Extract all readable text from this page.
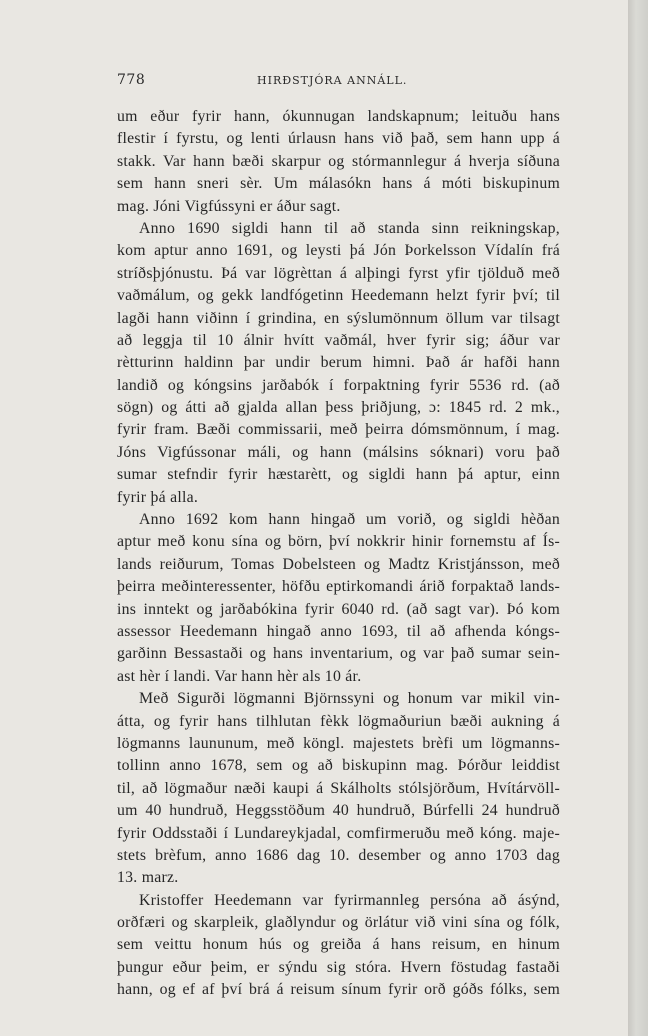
778	HIRÐSTJÓRA ANNÁLL.
um eður fyrir hann, ókunnugan landskapnum; leituðu hans
flestir í fyrstu, og lenti úrlausn hans við það, sem hann upp á
stakk. Var hann bæði skarpur og stórmannlegur á hverja síðuna
sem hann sneri sèr. Um málasókn hans á móti biskupinum
mag. Jóni Vigfússyni er áður sagt.
Anno 1690 sigldi hann til að standa sinn reikningskap,
kom aptur anno 1691, og leysti þá Jón Þorkelsson Vídalín frá
stríðsþjónustu. Þá var lögrèttan á alþingi fyrst yfir tjölduð með
vaðmálum, og gekk landfógetinn Heedemann helzt fyrir því; til
lagði hann viðinn í grindina, en sýslumönnum öllum var tilsagt
að leggja til 10 álnir hvítt vaðmál, hver fyrir sig; áður var
rètturinn haldinn þar undir berum himni. Það ár hafði hann
landið og kóngsins jarðabók í forpaktning fyrir 5536 rd. (að
sögn) og átti að gjalda allan þess þriðjung, ɔ: 1845 rd. 2 mk.,
fyrir fram. Bæði commissarii, með þeirra dómsmönnum, í mag.
Jóns Vigfússonar máli, og hann (málsins sóknari) voru það
sumar stefndir fyrir hæstarètt, og sigldi hann þá aptur, einn
fyrir þá alla.
Anno 1692 kom hann hingað um vorið, og sigldi hèðan
aptur með konu sína og börn, því nokkrir hinir fornemstu af Ís-
lands reiðurum, Tomas Dobelsteen og Madtz Kristjánsson, með
þeirra meðinteressenter, höfðu eptirkomandi árið forpaktað lands-
ins inntekt og jarðabókina fyrir 6040 rd. (að sagt var). Þó kom
assessor Heedemann hingað anno 1693, til að afhenda kóngs-
garðinn Bessastaði og hans inventarium, og var það sumar sein-
ast hèr í landi. Var hann hèr als 10 ár.
Með Sigurði lögmanni Björnssyni og honum var mikil vin-
átta, og fyrir hans tilhlutan fèkk lögmaðuriun bæði aukning á
lögmanns laununum, með köngl. majestets brèfi um lögmanns-
tollinn anno 1678, sem og að biskupinn mag. Þórður leiddist
til, að lögmaður næði kaupi á Skálholts stólsjörðum, Hvítárvöll-
um 40 hundruð, Heggsstöðum 40 hundruð, Búrfelli 24 hundruð
fyrir Oddsstaði í Lundareykjadal, comfirmeruðu með kóng. maje-
stets brèfum, anno 1686 dag 10. desember og anno 1703 dag
13. marz.
Kristoffer Heedemann var fyrirmannleg persóna að ásýnd,
orðfæri og skarpleik, glaðlyndur og örlátur við vini sína og fólk,
sem veittu honum hús og greiða á hans reisum, en hinum
þungur eður þeim, er sýndu sig stóra. Hvern föstudag fastaði
hann, og ef af því brá á reisum sínum fyrir orð góðs fólks, sem
